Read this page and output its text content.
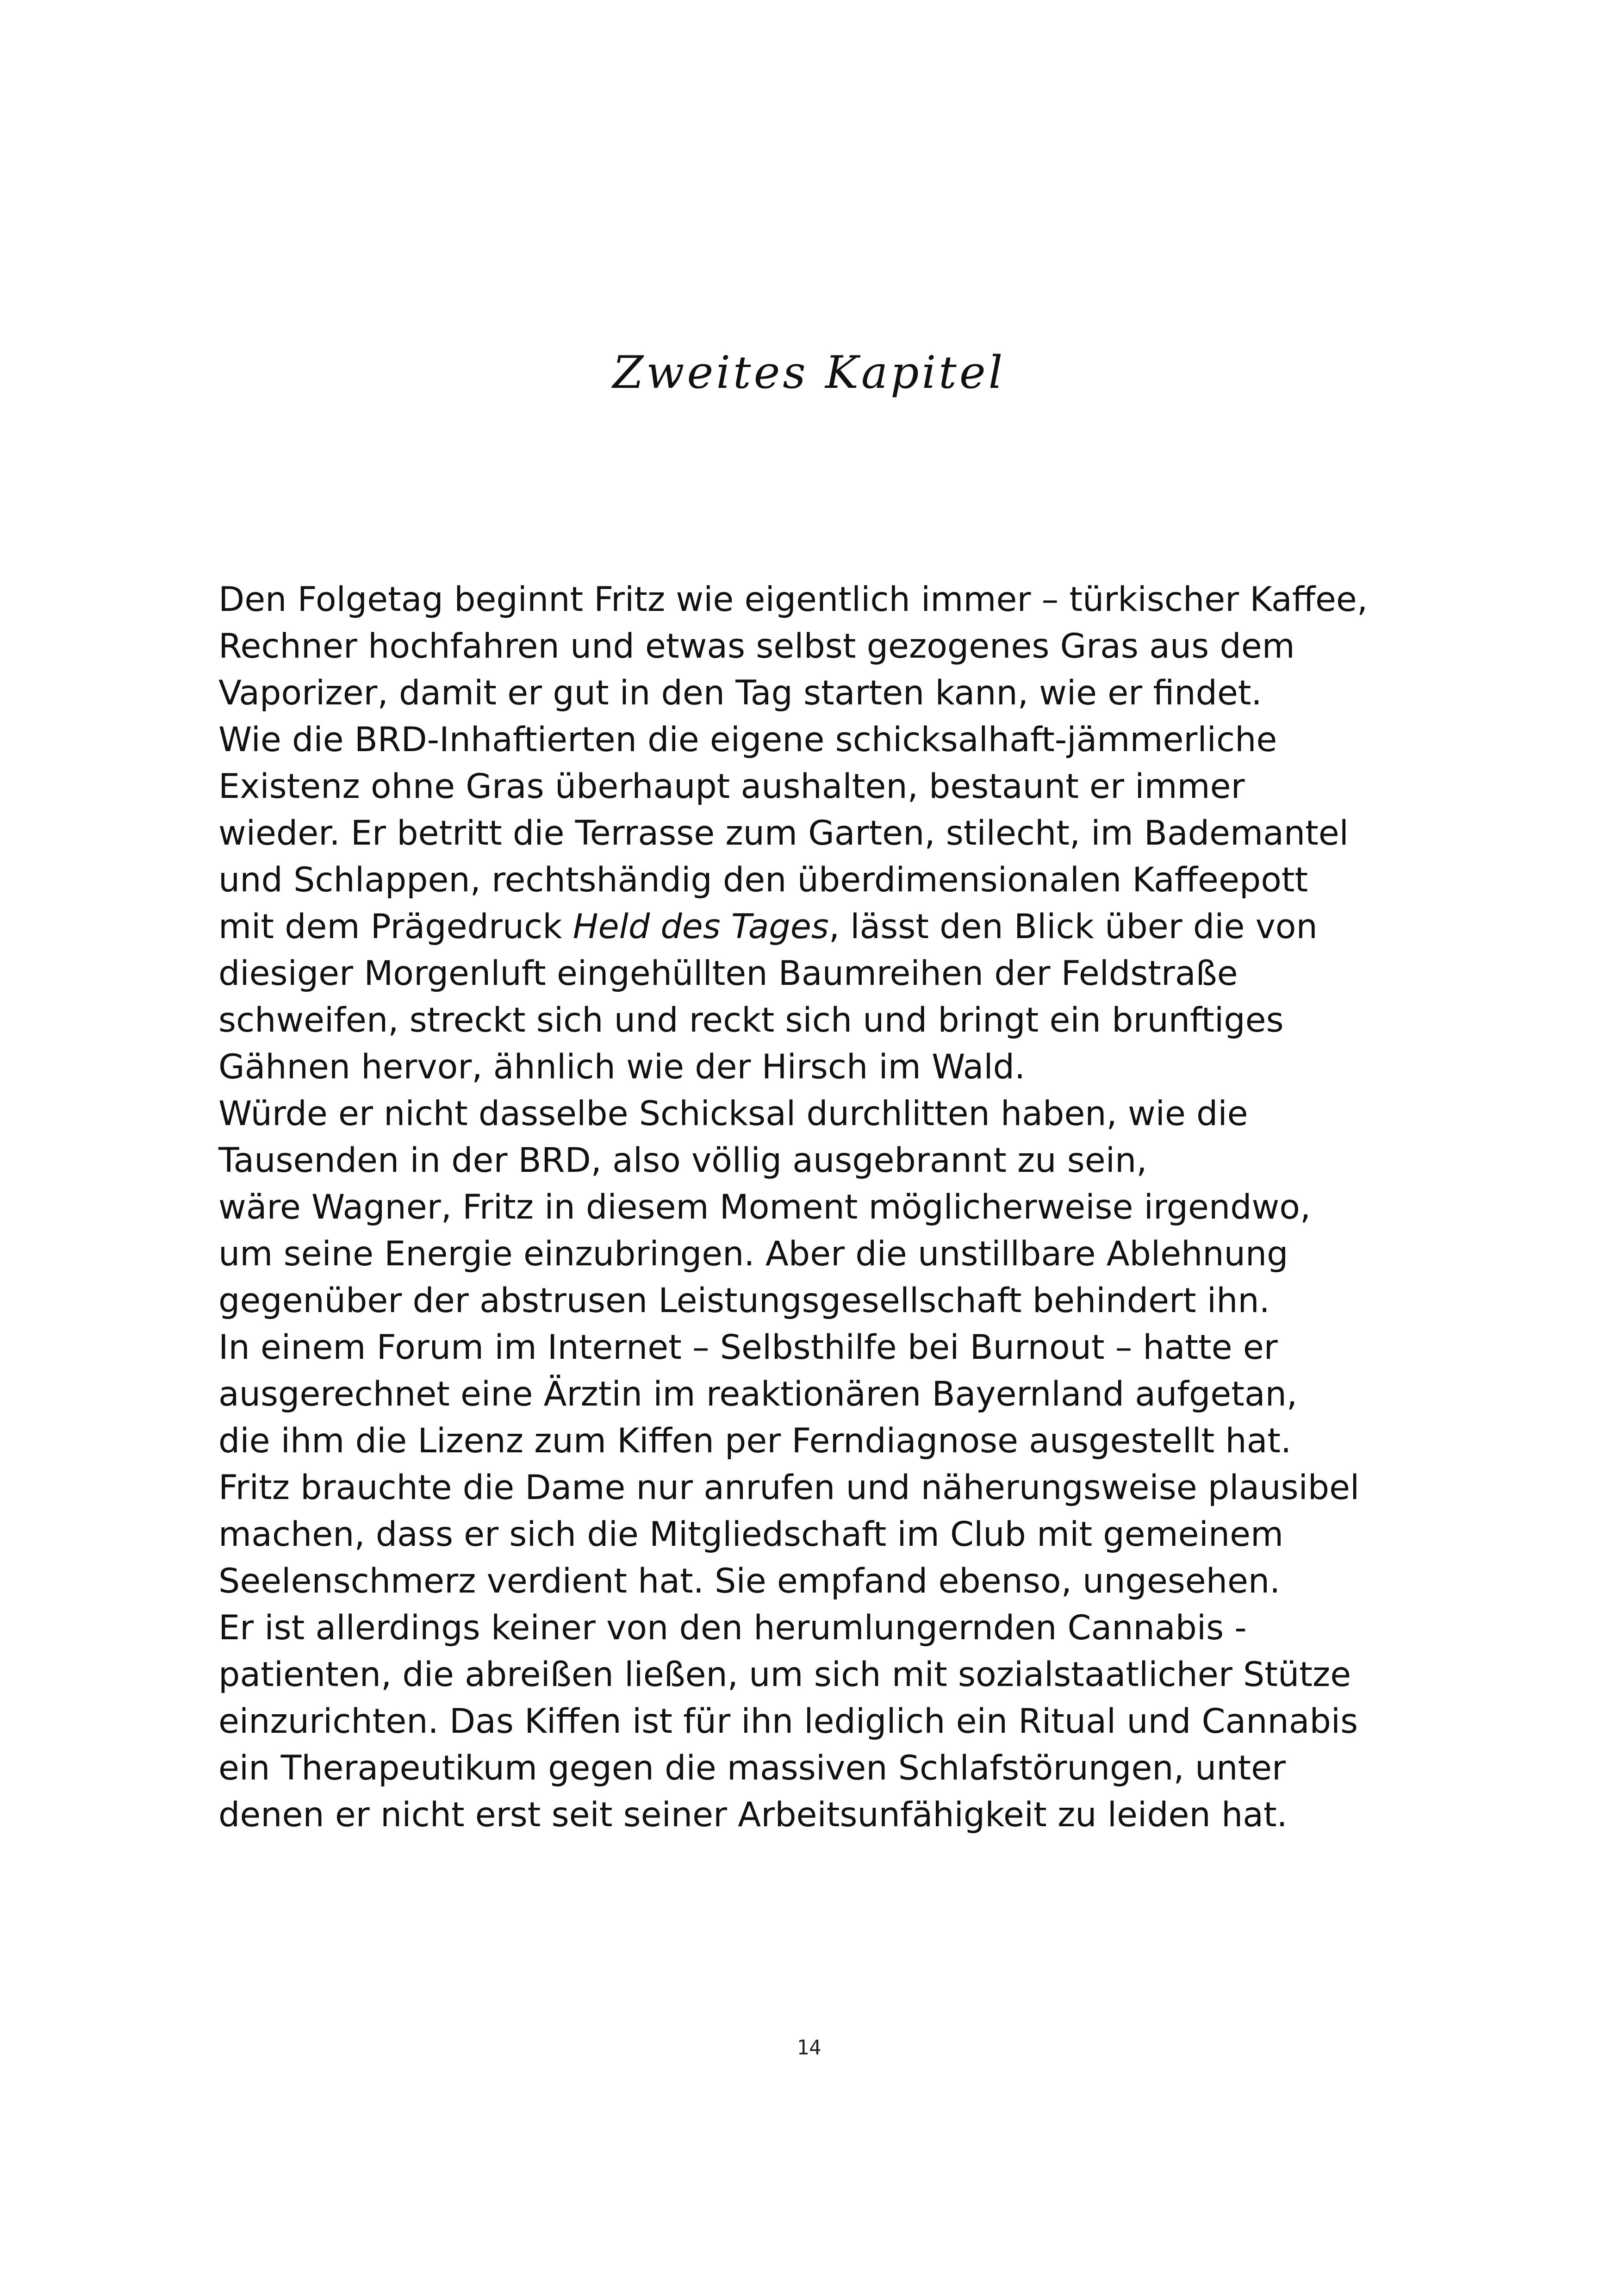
Zweites Kapitel
Den Folgetag beginnt Fritz wie eigentlich immer – türkischer Kaffee,
Rechner hochfahren und etwas selbst gezogenes Gras aus dem
Vaporizer, damit er gut in den Tag starten kann, wie er findet.
Wie die BRD-Inhaftierten die eigene schicksalhaft-jämmerliche
Existenz ohne Gras überhaupt aushalten, bestaunt er immer
wieder. Er betritt die Terrasse zum Garten, stilecht, im Bademantel
und Schlappen, rechtshändig den überdimensionalen Kaffeepott
mit dem Prägedruck Held des Tages, lässt den Blick über die von
diesiger Morgenluft eingehüllten Baumreihen der Feldstraße
schweifen, streckt sich und reckt sich und bringt ein brunftiges
Gähnen hervor, ähnlich wie der Hirsch im Wald.
Würde er nicht dasselbe Schicksal durchlitten haben, wie die
Tausenden in der BRD, also völlig ausgebrannt zu sein,
wäre Wagner, Fritz in diesem Moment möglicherweise irgendwo,
um seine Energie einzubringen. Aber die unstillbare Ablehnung
gegenüber der abstrusen Leistungsgesellschaft behindert ihn.
In einem Forum im Internet – Selbsthilfe bei Burnout – hatte er
ausgerechnet eine Ärztin im reaktionären Bayernland aufgetan,
die ihm die Lizenz zum Kiffen per Ferndiagnose ausgestellt hat.
Fritz brauchte die Dame nur anrufen und näherungsweise plausibel
machen, dass er sich die Mitgliedschaft im Club mit gemeinem
Seelenschmerz verdient hat. Sie empfand ebenso, ungesehen.
Er ist allerdings keiner von den herumlungernden Cannabis -
patienten, die abreißen ließen, um sich mit sozialstaatlicher Stütze
einzurichten. Das Kiffen ist für ihn lediglich ein Ritual und Cannabis
ein Therapeutikum gegen die massiven Schlafstörungen, unter
denen er nicht erst seit seiner Arbeitsunfähigkeit zu leiden hat.
14
